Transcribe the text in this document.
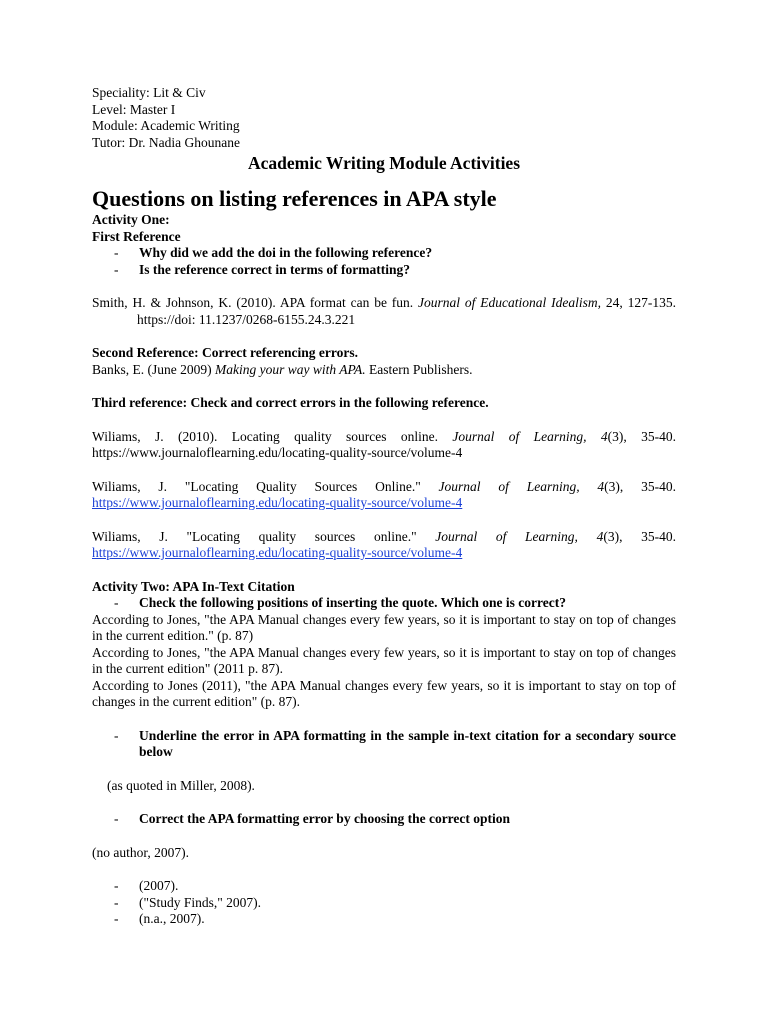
Speciality: Lit & Civ
Level: Master I
Module: Academic Writing
Tutor: Dr. Nadia Ghounane

Academic Writing Module Activities

Questions on listing references in APA style

Activity One:

First Reference

- Why did we add the doi in the following reference?
- Is the reference correct in terms of formatting?

Smith, H. & Johnson, K. (2010). APA format can be fun. Journal of Educational Idealism, 24, 127-135. https://doi: 11.1237/0268-6155.24.3.221

Second Reference: Correct referencing errors.

Banks, E. (June 2009) Making your way with APA. Eastern Publishers.

Third reference: Check and correct errors in the following reference.

Wiliams, J. (2010). Locating quality sources online. Journal of Learning, 4(3), 35-40. https://www.journaloflearning.edu/locating-quality-source/volume-4

Wiliams, J. "Locating Quality Sources Online." Journal of Learning, 4(3), 35-40. https://www.journaloflearning.edu/locating-quality-source/volume-4

Wiliams, J. "Locating quality sources online." Journal of Learning, 4(3), 35-40. https://www.journaloflearning.edu/locating-quality-source/volume-4

Activity Two: APA In-Text Citation

- Check the following positions of inserting the quote. Which one is correct?

According to Jones, "the APA Manual changes every few years, so it is important to stay on top of changes in the current edition." (p. 87)

According to Jones, "the APA Manual changes every few years, so it is important to stay on top of changes in the current edition" (2011 p. 87).

According to Jones (2011), "the APA Manual changes every few years, so it is important to stay on top of changes in the current edition" (p. 87).

- Underline the error in APA formatting in the sample in-text citation for a secondary source below

(as quoted in Miller, 2008).

- Correct the APA formatting error by choosing the correct option

(no author, 2007).

- (2007).
- ("Study Finds," 2007).
- (n.a., 2007).
